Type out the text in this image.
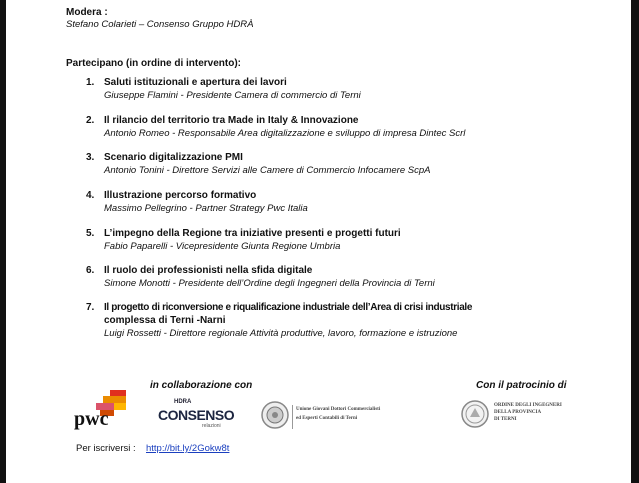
Modera :
Stefano Colarieti – Consenso Gruppo HDRÀ
Partecipano (in ordine di intervento):
1. Saluti istituzionali e apertura dei lavori
Giuseppe Flamini - Presidente Camera di commercio di Terni
2. Il rilancio del territorio tra Made in Italy & Innovazione
Antonio Romeo - Responsabile Area digitalizzazione e sviluppo di impresa Dintec Scrl
3. Scenario digitalizzazione PMI
Antonio Tonini - Direttore Servizi alle Camere di Commercio Infocamere ScpA
4. Illustrazione percorso formativo
Massimo Pellegrino - Partner Strategy Pwc Italia
5. L’impegno della Regione tra iniziative presenti e progetti futuri
Fabio Paparelli - Vicepresidente Giunta Regione Umbria
6. Il ruolo dei professionisti nella sfida digitale
Simone Monotti - Presidente dell’Ordine degli Ingegneri della Provincia di Terni
7. Il progetto di riconversione e riqualificazione industriale dell’Area di crisi industriale
complessa di Terni -Narni
Luigi Rossetti - Direttore regionale Attività produttive, lavoro, formazione e istruzione
in collaborazione con	Con il patrocinio di
pwc
HDRA
CONSENSO
relazioni
Unione Giovani Dottori Commercialisti
ed Esperti Contabili di Terni
ORDINE DEGLI INGEGNERI
DELLA PROVINCIA
DI TERNI
Per iscriversi : http://bit.ly/2Gokw8t
